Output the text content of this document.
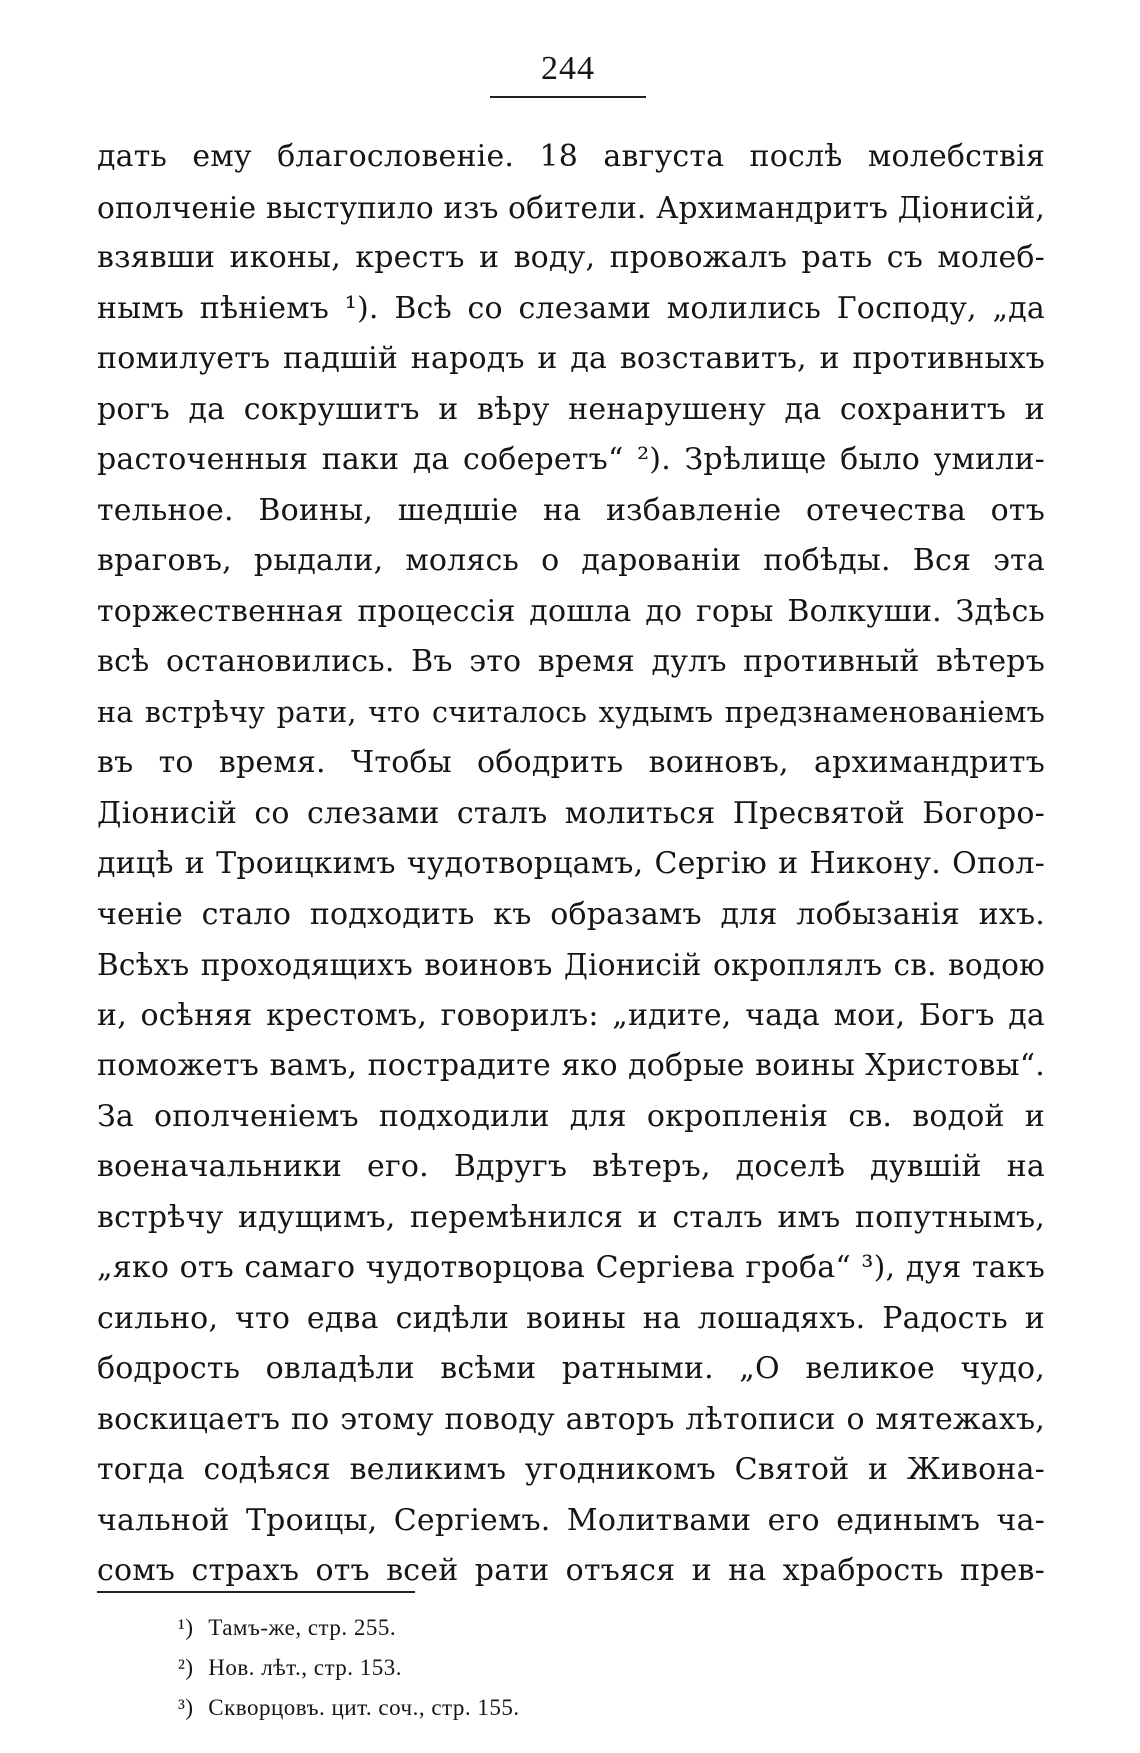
244
дать ему благословенiе. 18 августа послѣ молебствiя
ополченiе выступило изъ обители. Архимандритъ Дiонисiй,
взявши иконы, крестъ и воду, провожалъ рать съ молеб-
нымъ пѣнiемъ ¹). Всѣ со слезами молились Господу, „да
помилуетъ падшiй народъ и да возставитъ, и противныхъ
рогъ да сокрушитъ и вѣру ненарушену да сохранитъ и
расточенныя паки да соберетъ“ ²). Зрѣлище было умили-
тельное. Воины, шедшiе на избавленiе отечества отъ
враговъ, рыдали, молясь о дарованiи побѣды. Вся эта
торжественная процессiя дошла до горы Волкуши. Здѣсь
всѣ остановились. Въ это время дулъ противный вѣтеръ
на встрѣчу рати, что считалось худымъ предзнаменованiемъ
въ то время. Чтобы ободрить воиновъ, архимандритъ
Дiонисiй со слезами сталъ молиться Пресвятой Богоро-
дицѣ и Троицкимъ чудотворцамъ, Сергiю и Никону. Опол-
ченiе стало подходить къ образамъ для лобызанiя ихъ.
Всѣхъ проходящихъ воиновъ Дiонисiй окроплялъ св. водою
и, осѣняя крестомъ, говорилъ: „идите, чада мои, Богъ да
поможетъ вамъ, пострадите яко добрые воины Христовы“.
За ополченiемъ подходили для окропленiя св. водой и
военачальники его. Вдругъ вѣтеръ, доселѣ дувшiй на
встрѣчу идущимъ, перемѣнился и сталъ имъ попутнымъ,
„яко отъ самаго чудотворцова Сергiева гроба“ ³), дуя такъ
сильно, что едва сидѣли воины на лошадяхъ. Радость и
бодрость овладѣли всѣми ратными. „О великое чудо,
воскицаетъ по этому поводу авторъ лѣтописи о мятежахъ,
тогда содѣяся великимъ угодникомъ Святой и Живона-
чальной Троицы, Сергiемъ. Молитвами его единымъ ча-
сомъ страхъ отъ всей рати отъяся и на храбрость прев-
¹) Тамъ-же, стр. 255.
²) Нов. лѣт., стр. 153.
³) Скворцовъ. цит. соч., стр. 155.
